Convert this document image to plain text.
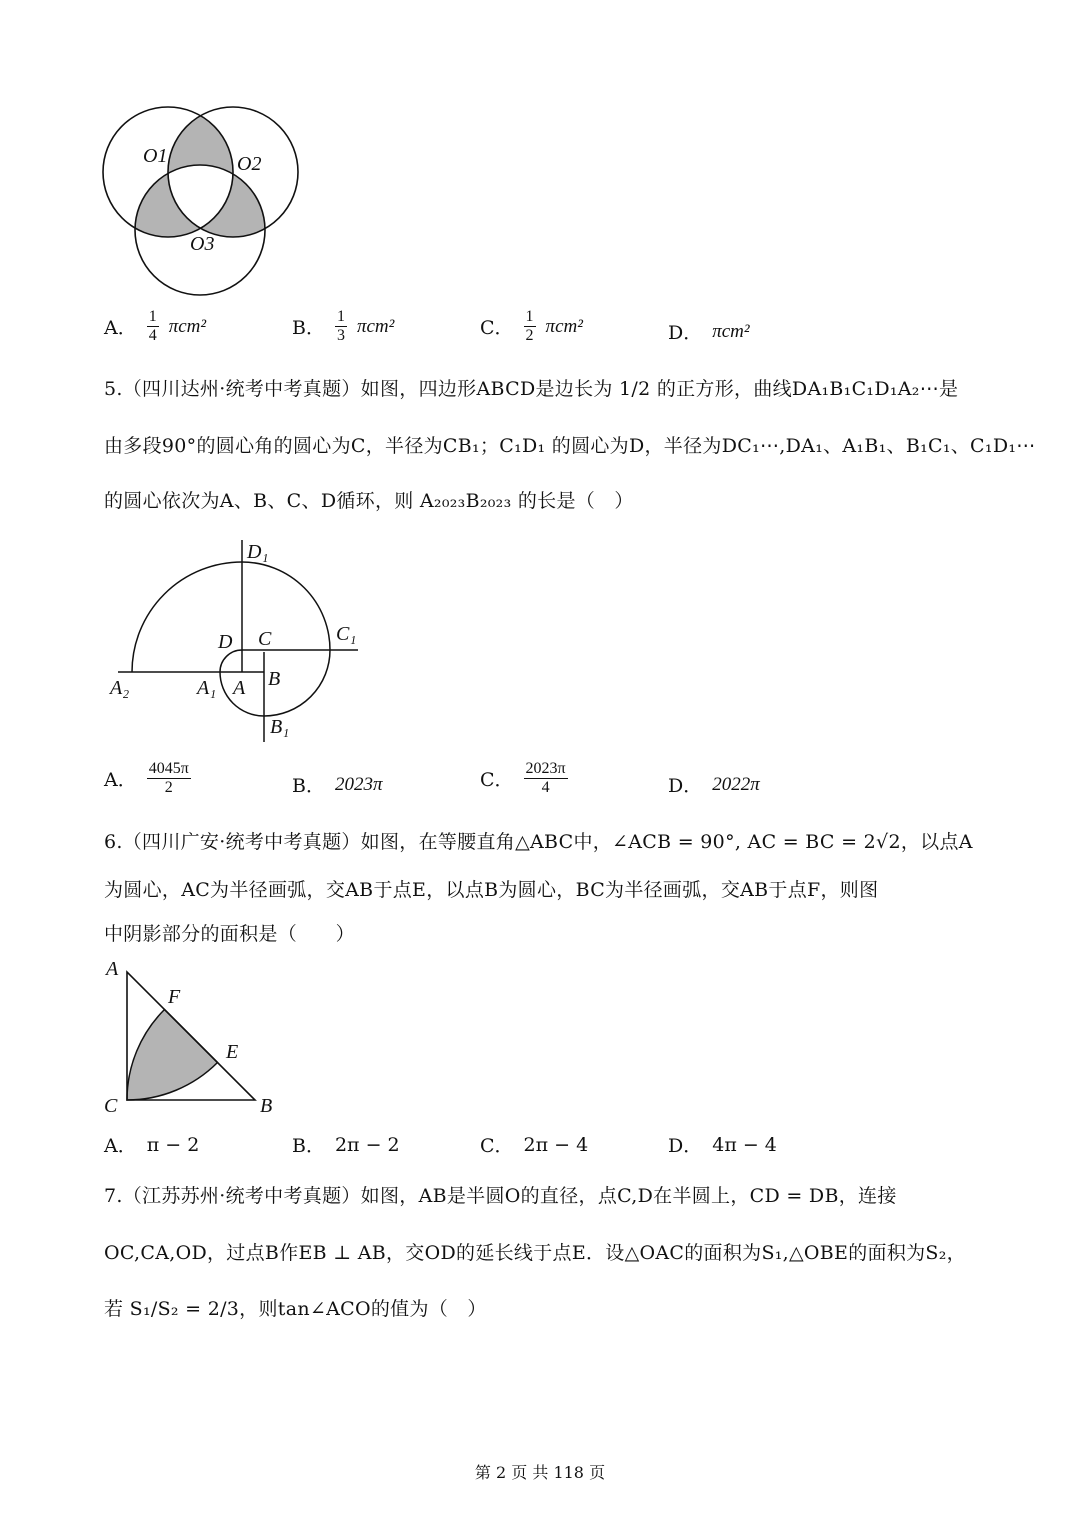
O1	O2
O3
D₁
C₁
D C
B
A
A₁
A₂
B₁
A
F
E
C	B
A． $\frac{1}{4} \pi cm^2$	B． $\frac{1}{3} \pi cm^2$	C． $\frac{1}{2} \pi cm^2$	D． πcm²
5.（四川达州·统考中考真题）如图，四边形ABCD是边长为 1/2 的正方形，曲线DA₁B₁C₁D₁A₂⋯是
由多段90°的圆心角的圆心为C，半径为CB₁；C₁D₁ 的圆心为D，半径为DC₁⋯,DA₁、A₁B₁、B₁C₁、C₁D₁⋯
的圆心依次为A、B、C、D循环，则 A₂₀₂₃B₂₀₂₃ 的长是（　）
A． $\frac{4045\pi}{2}$	B． 2023π	C． $\frac{2023\pi}{4}$	D． 2022π
6.（四川广安·统考中考真题）如图，在等腰直角△ABC中，∠ACB = 90°, AC = BC = 2√2，以点A
为圆心，AC为半径画弧，交AB于点E，以点B为圆心，BC为半径画弧，交AB于点F，则图
中阴影部分的面积是（　　）
A． π − 2	B． 2π − 2	C． 2π − 4	D． 4π − 4
7.（江苏苏州·统考中考真题）如图，AB是半圆O的直径，点C,D在半圆上，CD = DB，连接
OC,CA,OD，过点B作EB ⊥ AB，交OD的延长线于点E．设△OAC的面积为S₁,△OBE的面积为S₂，
若 S₁/S₂ = 2/3，则tan∠ACO的值为（　）
第 2 页 共 118 页
